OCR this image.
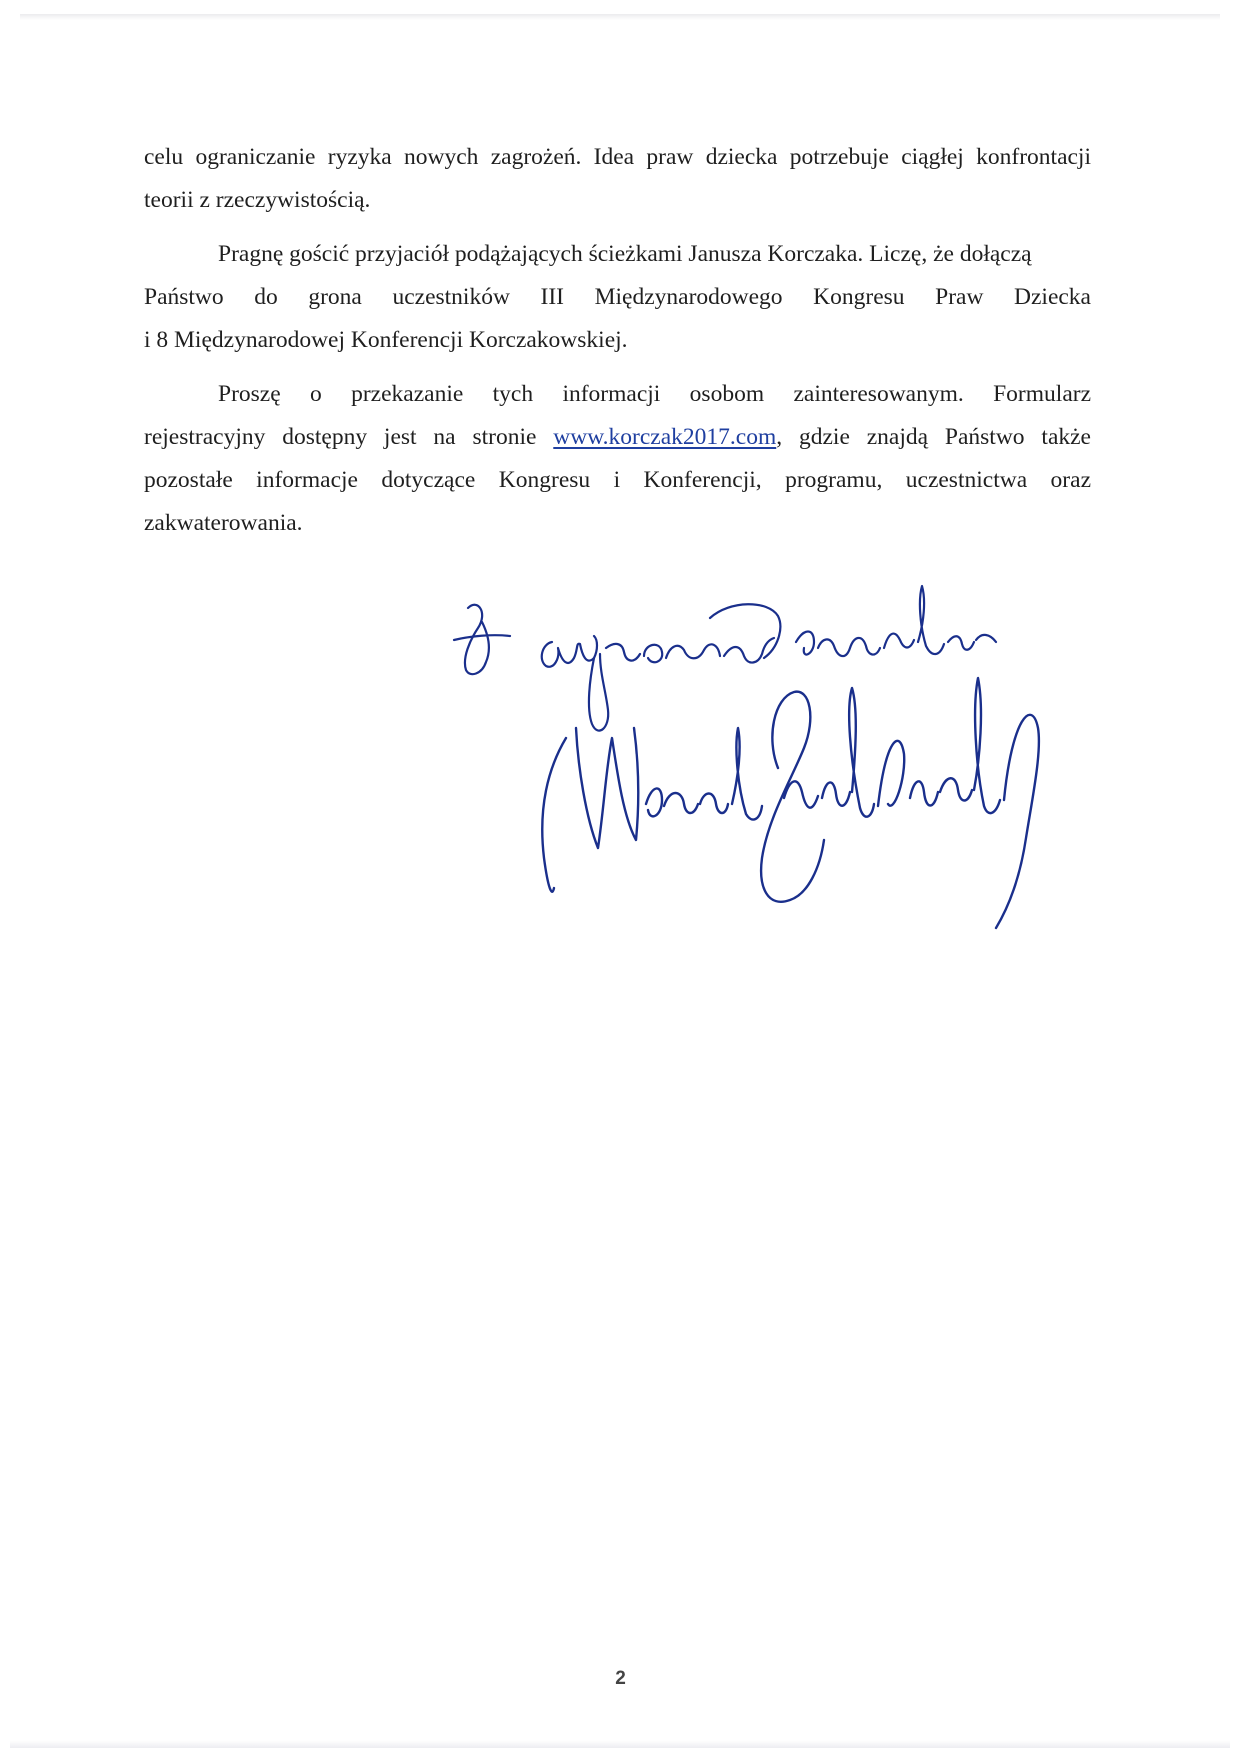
celu ograniczanie ryzyka nowych zagrożeń. Idea praw dziecka potrzebuje ciągłej konfrontacji
teorii z rzeczywistością.

Pragnę gościć przyjaciół podążających ścieżkami Janusza Korczaka. Liczę, że dołączą

Państwo do grona uczestników III Międzynarodowego Kongresu Praw Dziecka
i 8 Międzynarodowej Konferencji Korczakowskiej.

Proszę o przekazanie tych informacji osobom zainteresowanym. Formularz

rejestracyjny dostępny jest na stronie www.korczak2017.com, gdzie znajdą Państwo także
pozostałe informacje dotyczące Kongresu i Konferencji, programu, uczestnictwa oraz
zakwaterowania.

2
